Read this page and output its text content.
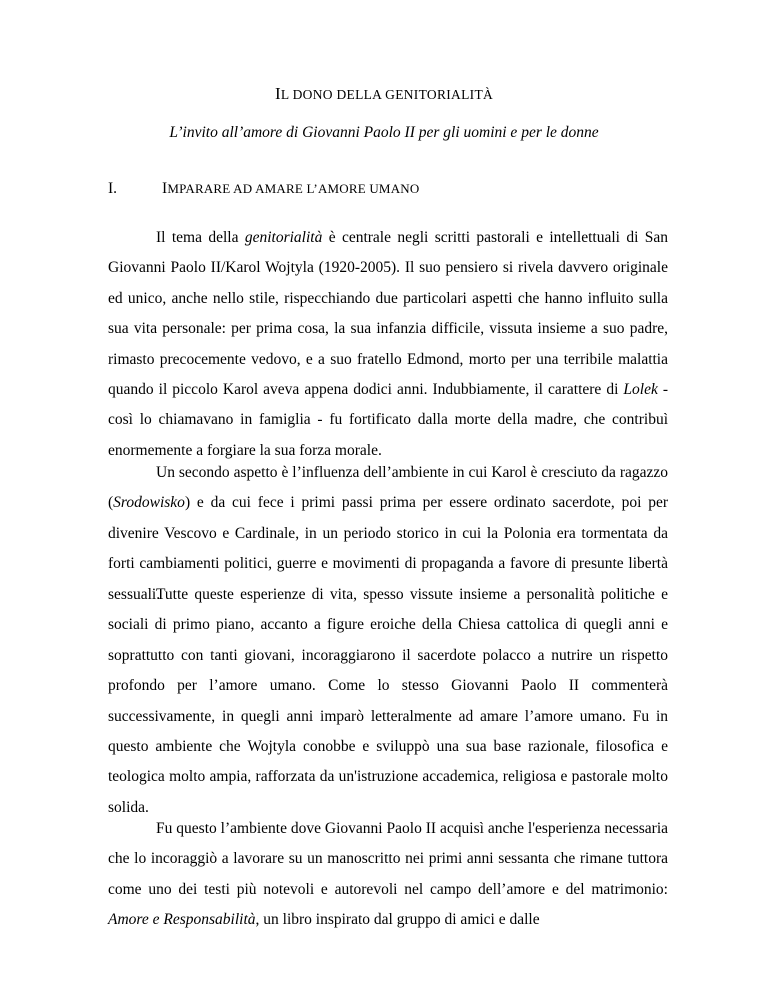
IL DONO DELLA GENITORIALITÀ
L’invito all’amore di Giovanni Paolo II per gli uomini e per le donne
I.	IMPARARE AD AMARE L’AMORE UMANO

Il tema della genitorialità è centrale negli scritti pastorali e intellettuali di San Giovanni Paolo II/Karol Wojtyla (1920-2005). Il suo pensiero si rivela davvero originale ed unico, anche nello stile, rispecchiando due particolari aspetti che hanno influito sulla sua vita personale: per prima cosa, la sua infanzia difficile, vissuta insieme a suo padre, rimasto precocemente vedovo, e a suo fratello Edmond, morto per una terribile malattia quando il piccolo Karol aveva appena dodici anni. Indubbiamente, il carattere di Lolek - così lo chiamavano in famiglia - fu fortificato dalla morte della madre, che contribuì enormemente a forgiare la sua forza morale.

Un secondo aspetto è l’influenza dell’ambiente in cui Karol è cresciuto da ragazzo (Srodowisko) e da cui fece i primi passi prima per essere ordinato sacerdote, poi per divenire Vescovo e Cardinale, in un periodo storico in cui la Polonia era tormentata da forti cambiamenti politici, guerre e movimenti di propaganda a favore di presunte libertà sessuali.

Tutte queste esperienze di vita, spesso vissute insieme a personalità politiche e sociali di primo piano, accanto a figure eroiche della Chiesa cattolica di quegli anni e soprattutto con tanti giovani, incoraggiarono il sacerdote polacco a nutrire un rispetto profondo per l’amore umano. Come lo stesso Giovanni Paolo II commenterà successivamente, in quegli anni imparò letteralmente ad amare l’amore umano. Fu in questo ambiente che Wojtyla conobbe e sviluppò una sua base razionale, filosofica e teologica molto ampia, rafforzata da un'istruzione accademica, religiosa e pastorale molto solida.

Fu questo l’ambiente dove Giovanni Paolo II acquisì anche l'esperienza necessaria che lo incoraggiò a lavorare su un manoscritto nei primi anni sessanta che rimane tuttora come uno dei testi più notevoli e autorevoli nel campo dell’amore e del matrimonio: Amore e Responsabilità, un libro inspirato dal gruppo di amici e dalle
